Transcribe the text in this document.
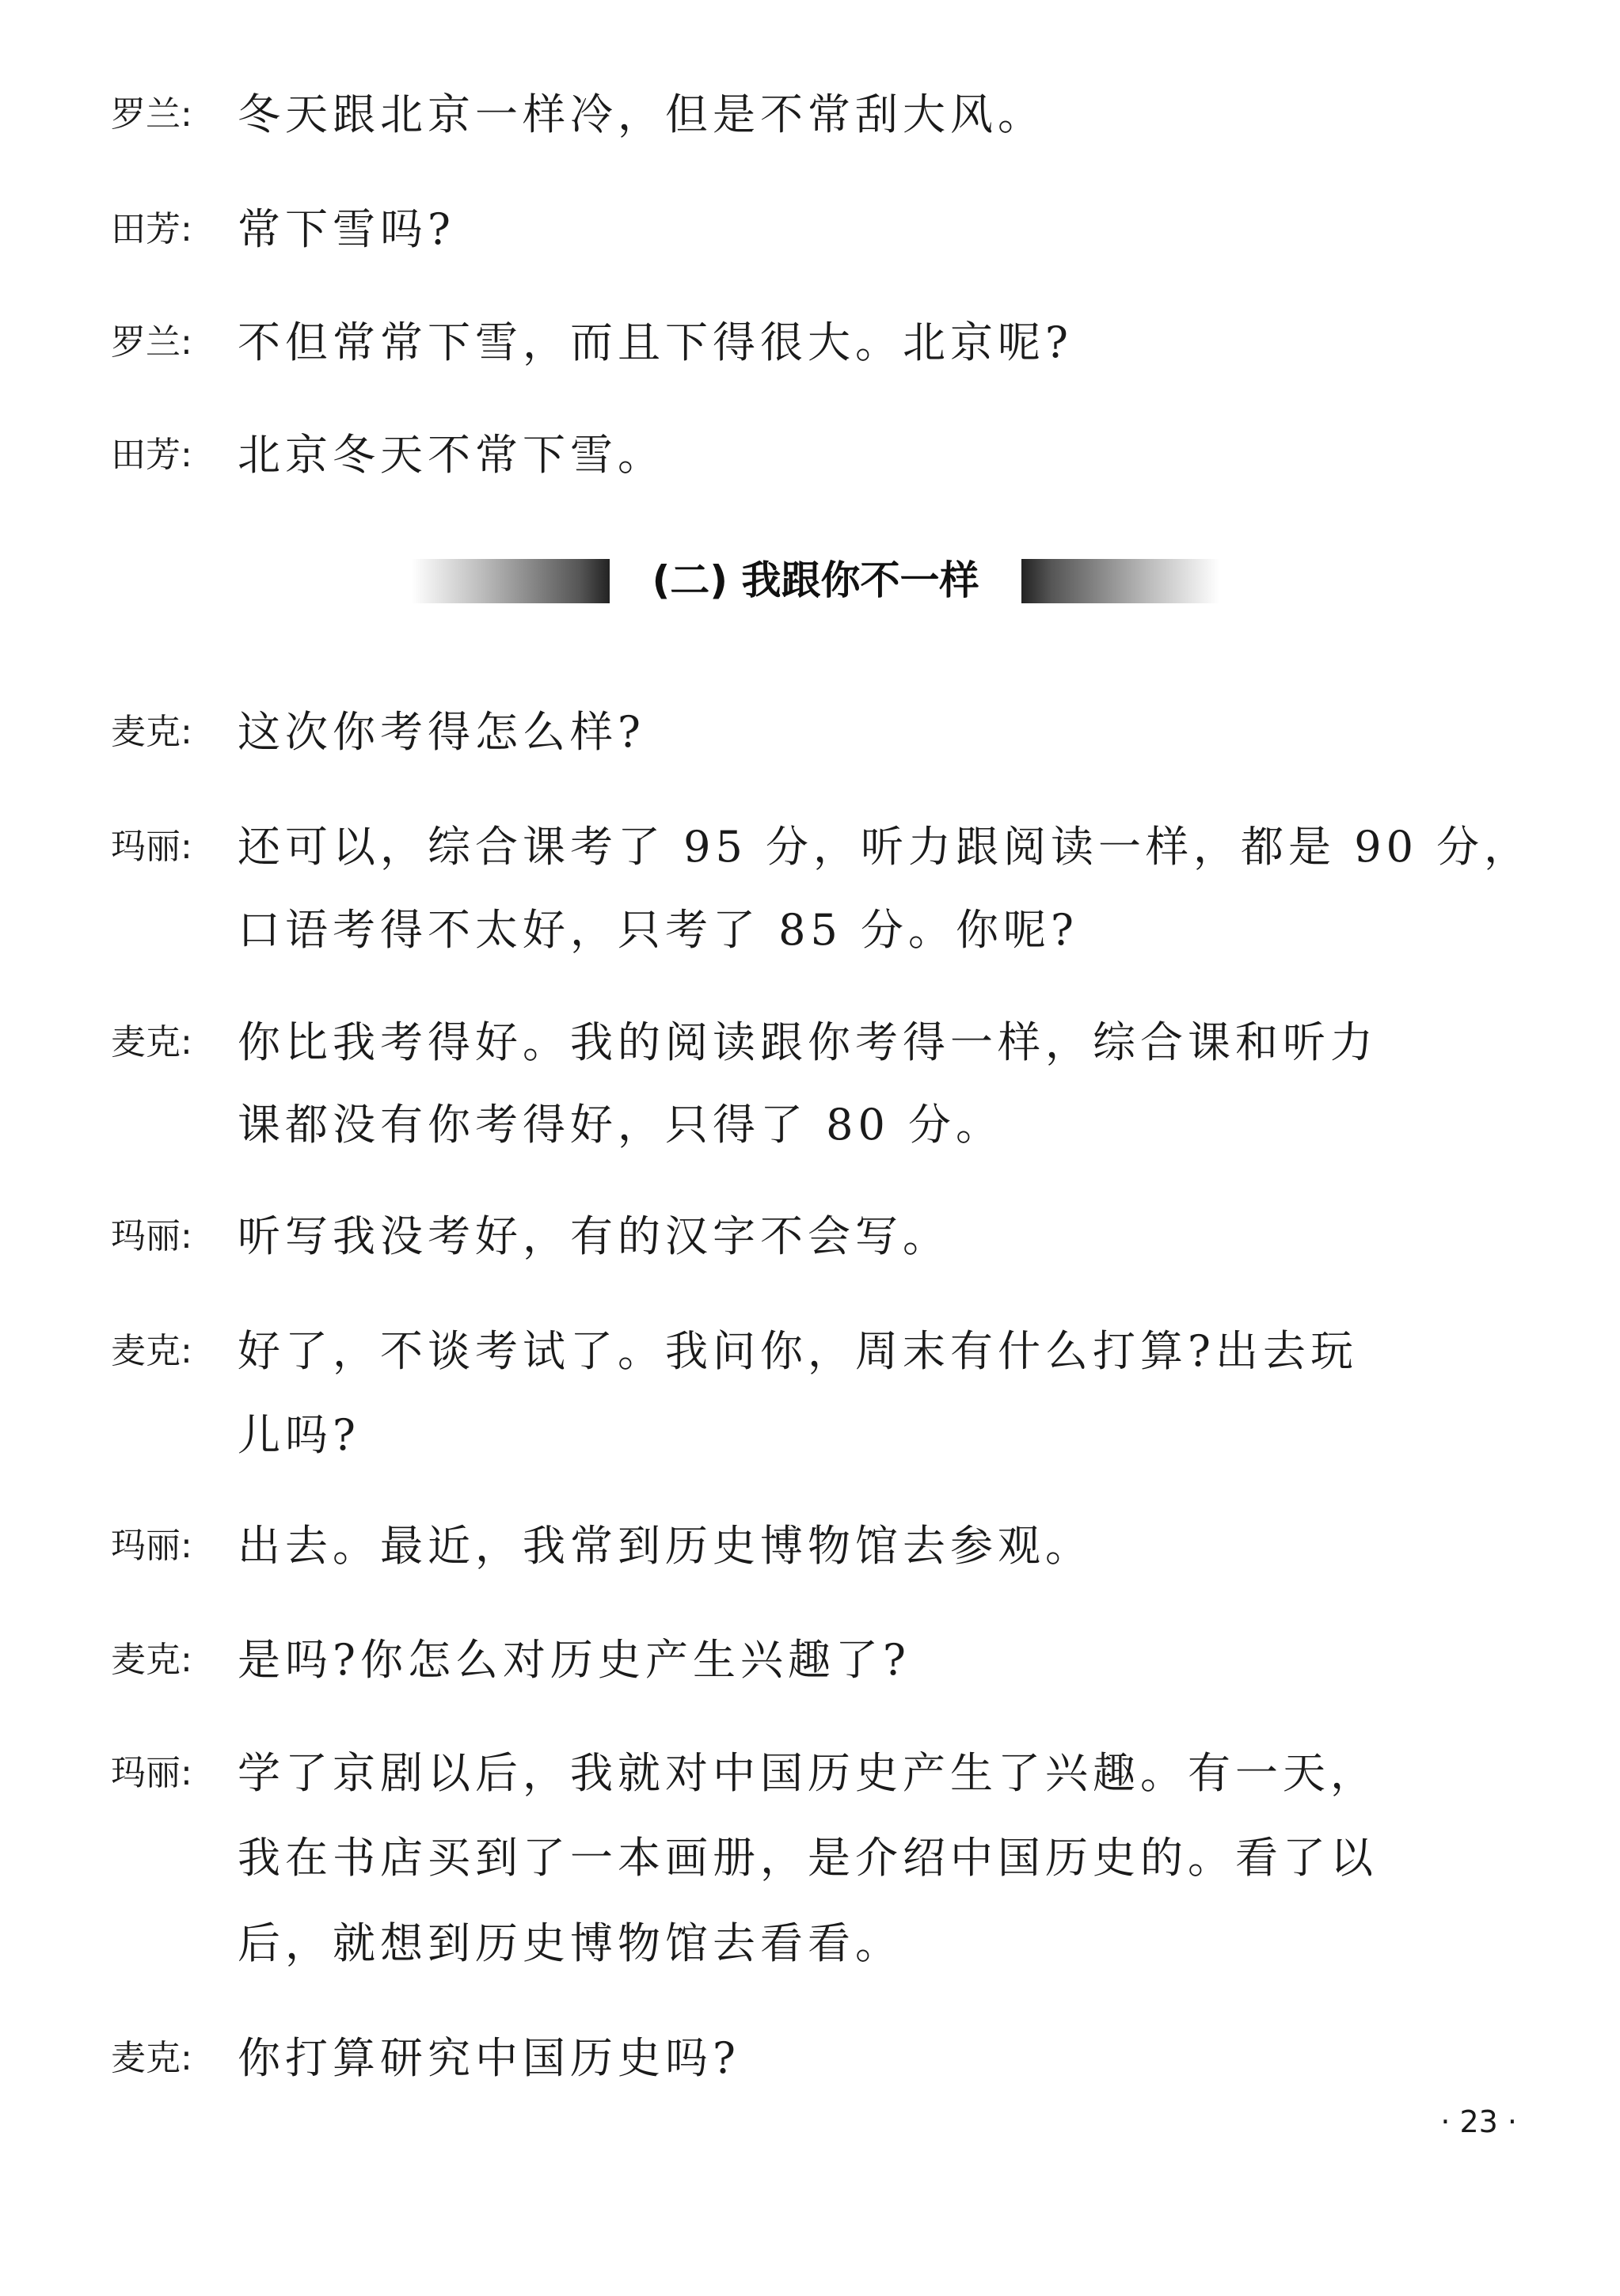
罗兰:	冬天跟北京一样冷，但是不常刮大风。
田芳:	常下雪吗?
罗兰:	不但常常下雪，而且下得很大。北京呢?
田芳:	北京冬天不常下雪。
(二) 我跟你不一样
麦克:	这次你考得怎么样?
玛丽:	还可以，综合课考了 95 分，听力跟阅读一样，都是 90 分，
口语考得不太好，只考了 85 分。你呢?
麦克:	你比我考得好。我的阅读跟你考得一样，综合课和听力
课都没有你考得好，只得了 80 分。
玛丽:	听写我没考好，有的汉字不会写。
麦克:	好了，不谈考试了。我问你，周末有什么打算?出去玩
儿吗?
玛丽:	出去。最近，我常到历史博物馆去参观。
麦克:	是吗?你怎么对历史产生兴趣了?
玛丽:	学了京剧以后，我就对中国历史产生了兴趣。有一天，
我在书店买到了一本画册，是介绍中国历史的。看了以
后，就想到历史博物馆去看看。
麦克:	你打算研究中国历史吗?
· 23 ·
